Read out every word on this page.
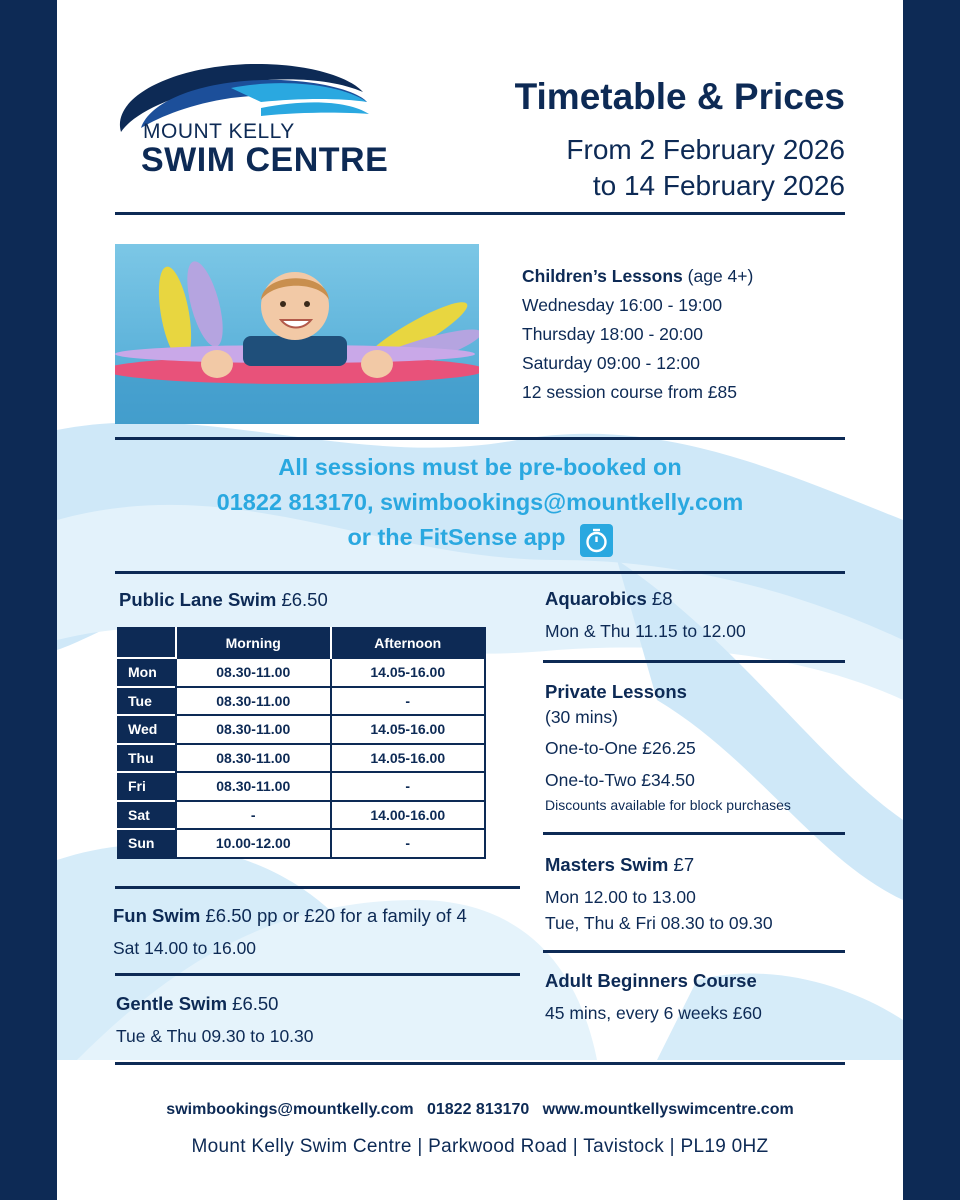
MOUNT KELLY
SWIM CENTRE
Timetable & Prices
From 2 February 2026
to 14 February 2026
Children’s Lessons (age 4+)
Wednesday 16:00 - 19:00
Thursday 18:00 - 20:00
Saturday 09:00 - 12:00
12 session course from £85
All sessions must be pre-booked on
01822 813170, swimbookings@mountkelly.com
or the FitSense app
Public Lane Swim £6.50
	Morning	Afternoon
Mon	08.30-11.00	14.05-16.00
Tue	08.30-11.00	-
Wed	08.30-11.00	14.05-16.00
Thu	08.30-11.00	14.05-16.00
Fri	08.30-11.00	-
Sat	-	14.00-16.00
Sun	10.00-12.00	-
Fun Swim £6.50 pp or £20 for a family of 4
Sat 14.00 to 16.00
Gentle Swim £6.50
Tue & Thu 09.30 to 10.30
Aquarobics £8
Mon & Thu 11.15 to 12.00
Private Lessons
(30 mins)
One-to-One £26.25
One-to-Two £34.50
Discounts available for block purchases
Masters Swim £7
Mon 12.00 to 13.00
Tue, Thu & Fri 08.30 to 09.30
Adult Beginners Course
45 mins, every 6 weeks £60
swimbookings@mountkelly.com 01822 813170 www.mountkellyswimcentre.com
Mount Kelly Swim Centre | Parkwood Road | Tavistock | PL19 0HZ
